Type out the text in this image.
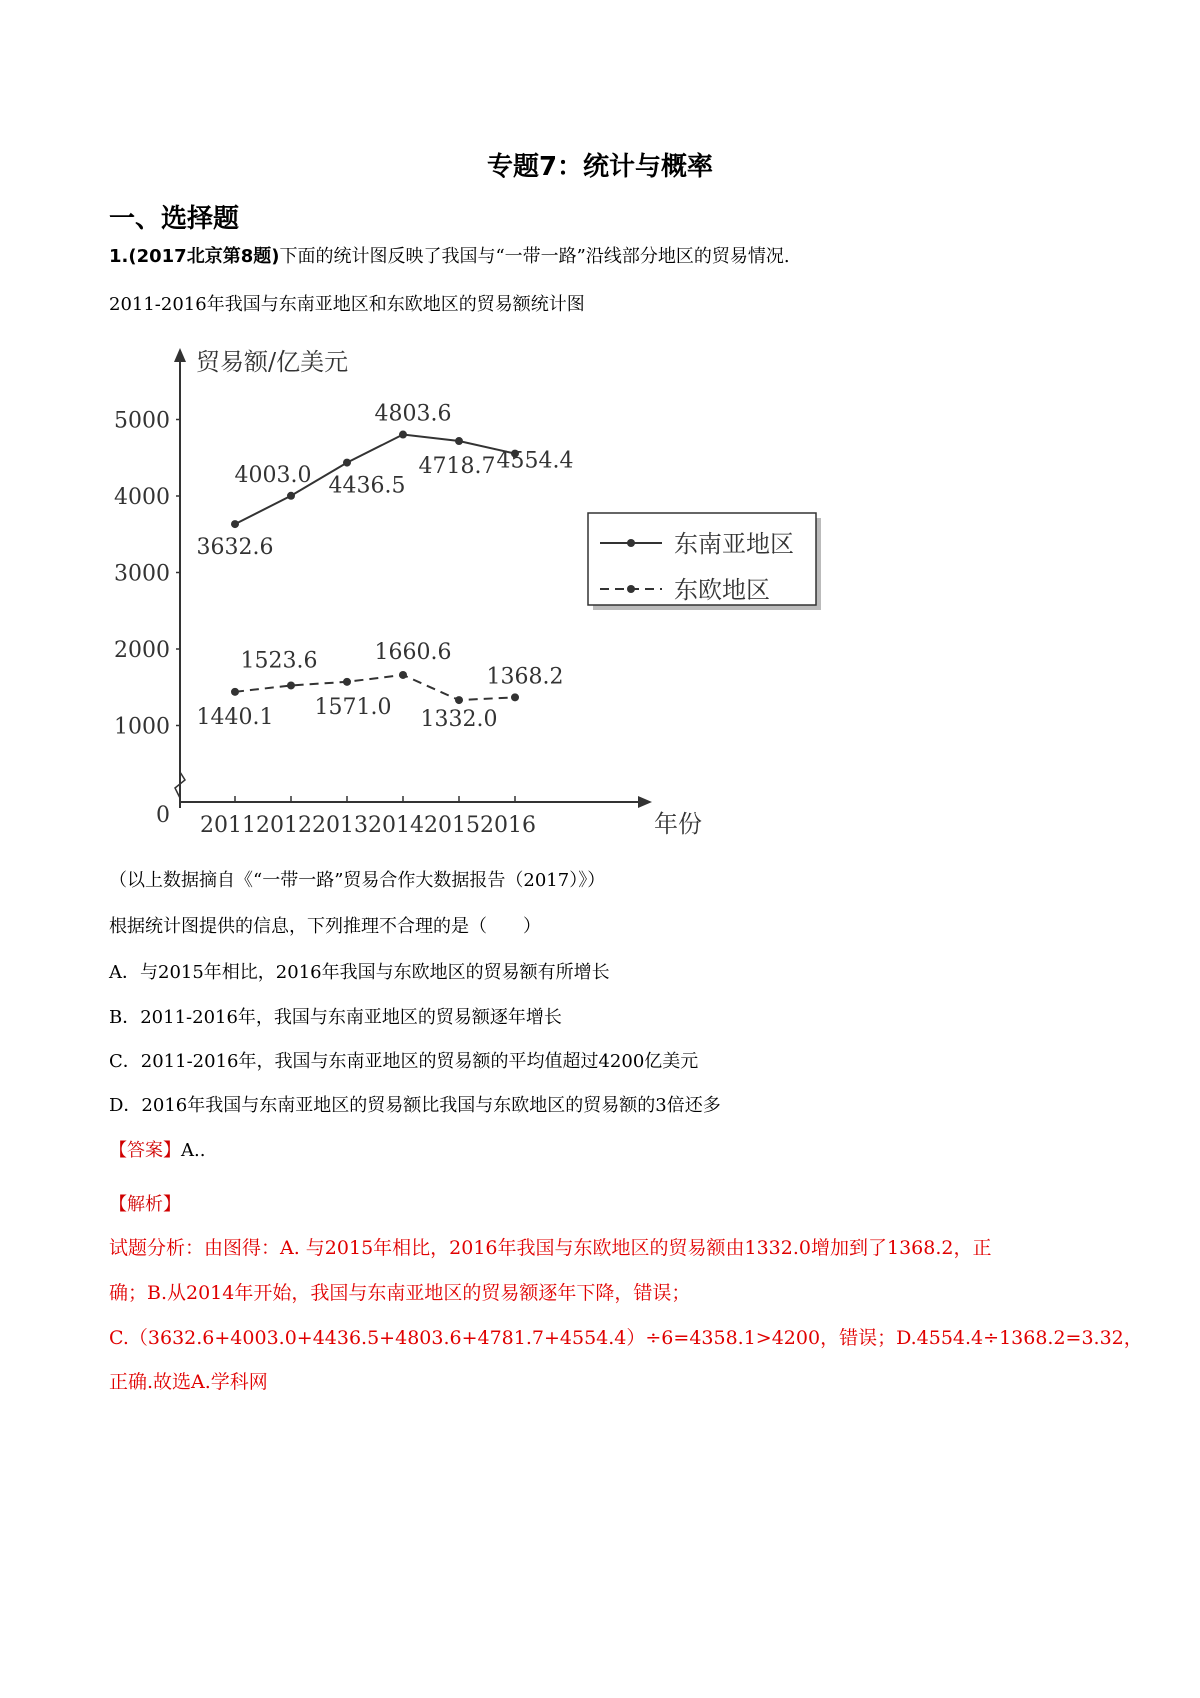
专题7：统计与概率
一、选择题
1.(2017北京第8题)下面的统计图反映了我国与“一带一路”沿线部分地区的贸易情况.
2011-2016年我国与东南亚地区和东欧地区的贸易额统计图
贸易额/亿美元
年份
0
1000
2000
3000
4000
5000
2011 2012 2013 2014 2015 2016
3632.6
4003.0 4436.5
4803.6
4718.7 4554.4
1440.1
1523.6
1571.0
1660.6
1332.0
1368.2
东南亚地区
东欧地区
（以上数据摘自《“一带一路”贸易合作大数据报告（2017）》）
根据统计图提供的信息，下列推理不合理的是（　　）
A．与2015年相比，2016年我国与东欧地区的贸易额有所增长
B．2011-2016年，我国与东南亚地区的贸易额逐年增长
C．2011-2016年，我国与东南亚地区的贸易额的平均值超过4200亿美元
D．2016年我国与东南亚地区的贸易额比我国与东欧地区的贸易额的3倍还多
【答案】A..
【解析】
试题分析：由图得：A. 与2015年相比，2016年我国与东欧地区的贸易额由1332.0增加到了1368.2，正
确；B.从2014年开始，我国与东南亚地区的贸易额逐年下降，错误；
C.（3632.6+4003.0+4436.5+4803.6+4781.7+4554.4）÷6=4358.1>4200，错误；D.4554.4÷1368.2=3.32，
正确.故选A.学科网
